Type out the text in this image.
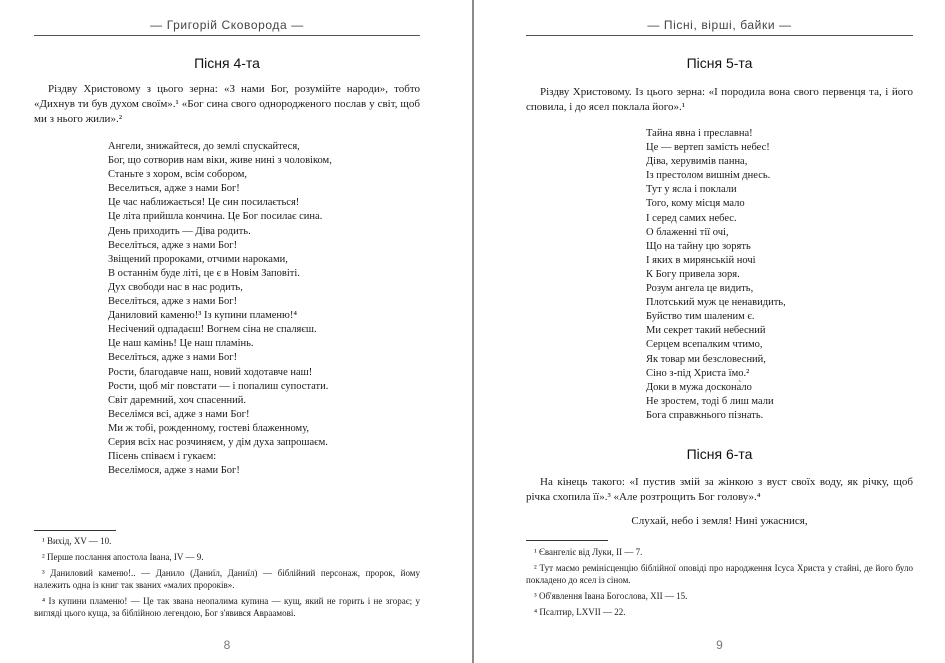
— Григорій Сковорода —
Пісня 4-та

Різдву Христовому з цього зерна: «З нами Бог, розумійте народи», тобто «Дихнув ти був духом своїм».¹ «Бог сина свого однородженого послав у світ, щоб ми з нього жили».²

Ангели, знижайтеся, до землі спускайтеся,
Бог, що сотворив нам віки, живе нині з чоловіком,
Станьте з хором, всім собором,
Веселиться, адже з нами Бог!
Це час наближається! Це син посилається!
Це літа прийшла кончина. Це Бог посилає сина.
День приходить — Діва родить.
Веселіться, адже з нами Бог!
Звіщений пророками, отчими нароками,
В останнім буде літі, це є в Новім Заповіті.
Дух свободи нас в нас родить,
Веселіться, адже з нами Бог!
Даниловий каменю!³ Із купини пламеню!⁴
Несічений одпадаєш! Вогнем сіна не спаляєш.
Це наш камінь! Це наш пламінь.
Веселіться, адже з нами Бог!
Рости, благодавче наш, новий ходотавче наш!
Рости, щоб міг повстати — і попалиш супостати.
Світ даремний, хоч спасенний.
Веселімся всі, адже з нами Бог!
Ми ж тобі, рожденному, гостеві блаженному,
Серия всіх нас розчиняєм, у дім духа запрошаєм.
Пісень співаєм і гукаєм:
Веселімося, адже з нами Бог!
¹ Вихід, XV — 10.
² Перше послання апостола Івана, IV — 9.
³ Даниловий каменю!.. — Данило (Даниїл, Даниїл) — біблійний персонаж, пророк, йому належить одна із книг так званих «малих пророків».
⁴ Із купини пламеню! — Це так звана неопалима купина — кущ, який не горить і не згорає; у вигляді цього куща, за біблійною легендою, Бог з'явився Авраамові.
8
— Пісні, вірші, байки —
Пісня 5-та

Різдву Христовому. Із цього зерна: «І породила вона свого первенця та, і його сповила, і до ясел поклала його».¹

Тайна явна і преславна!
Це — вертеп замість небес!
Діва, херувимів панна,
Із престолом вишнім днесь.
Тут у ясла і поклали
Того, кому місця мало
І серед самих небес.
О блаженні тії очі,
Що на тайну цю зорять
І яких в мирянській ночі
К Богу привела зоря.
Розум ангела це видить,
Плотський муж це ненавидить,
Буйство тим шаленим є.
Ми секрет такий небесний
Серцем всепалким чтимо,
Як товар ми безсловесний,
Сіно з-під Христа їмо.²
Доки в мужа доскона̀ло
Не зростем, тоді б лиш мали
Бога справжнього пізнать.
Пісня 6-та

На кінець такого: «І пустив змій за жінкою з вуст своїх воду, як річку, щоб річка схопила її».³ «Але розтрощить Бог голову».⁴

Слухай, небо і земля! Нині ужаснися,
¹ Євангеліє від Луки, II — 7.
² Тут маємо ремінісценцію біблійної оповіді про народження Ісуса Христа у стайні, де його було покладено до ясел із сіном.
³ Об'явлення Івана Богослова, XII — 15.
⁴ Псалтир, LXVII — 22.
9
